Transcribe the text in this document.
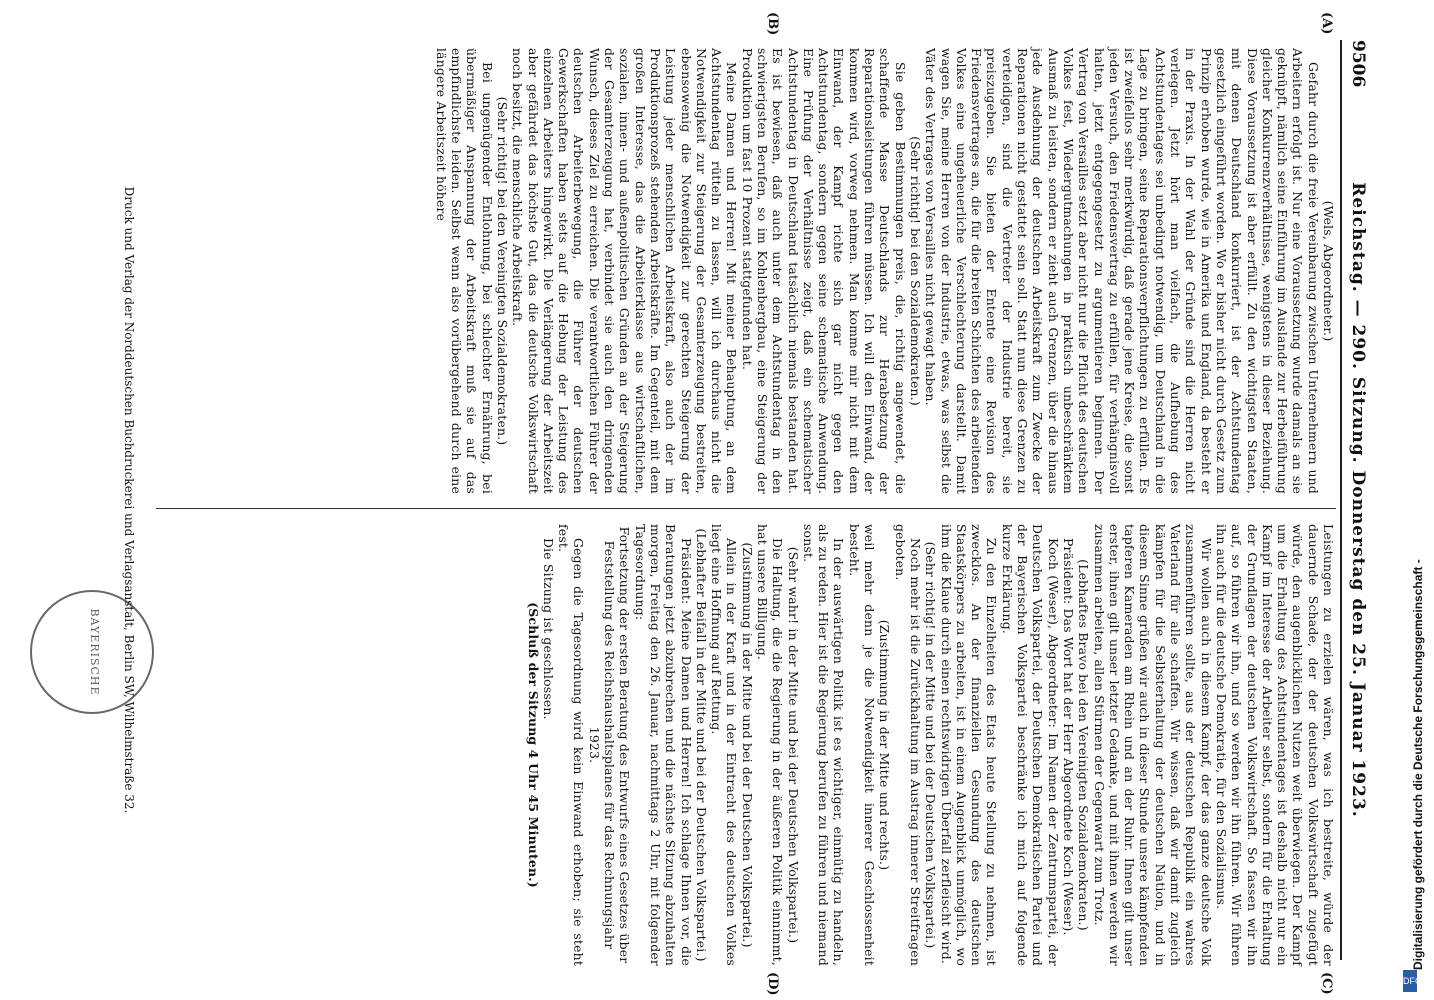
9506
Reichstag. — 290. Sitzung. Donnerstag den 25. Januar 1923.
(A)
(B)
(C)
(D)

(Wels, Abgeordneter.)

Gefahr durch die freie Vereinbarung zwischen Unternehmern und Arbeitern erfolgt ist. Nur eine Voraussetzung wurde damals an sie geknüpft, nämlich seine Einführung im Auslande zur Herbeiführung gleicher Konkurrenzverhältnisse, wenigstens in dieser Beziehung. Diese Voraussetzung ist aber erfüllt. Zu den wichtigsten Staaten, mit denen Deutschland konkurriert, ist der Achtstundentag gesetzlich eingeführt worden. Wo er bisher nicht durch Gesetz zum Prinzip erhoben wurde, wie in Amerika und England, da besteht er in der Praxis. In der Wahl der Gründe sind die Herren nicht verlegen. Jetzt hört man vielfach, die Aufhebung des Achtstundentages sei unbedingt notwendig, um Deutschland in die Lage zu bringen, seine Reparationsverpflichtungen zu erfüllen. Es ist zweifellos sehr merkwürdig, daß gerade jene Kreise, die sonst jeden Versuch, den Friedensvertrag zu erfüllen, für verhängnisvoll halten, jetzt entgegengesetzt zu argumentieren beginnen. Der Vertrag von Versailles setzt aber nicht nur die Pflicht des deutschen Volkes fest, Wiedergutmachungen in praktisch unbeschränktem Ausmaß zu leisten, sondern er zieht auch Grenzen, über die hinaus jede Ausdehnung der deutschen Arbeitskraft zum Zwecke der Reparationen nicht gestattet sein soll. Statt nun diese Grenzen zu verteidigen, sind die Vertreter der Industrie bereit, sie preiszugeben. Sie bieten der Entente eine Revision des Friedensvertrages an, die für die breiten Schichten des arbeitenden Volkes eine ungeheuerliche Verschlechterung darstellt. Damit wagen Sie, meine Herren von der Industrie, etwas, was selbst die Väter des Vertrages von Versailles nicht gewagt haben.

(Sehr richtig! bei den Sozialdemokraten.)

Sie geben Bestimmungen preis, die, richtig angewendet, die schaffende Masse Deutschlands zur Herabsetzung der Reparationsleistungen führen müssen. Ich will den Einwand, der kommen wird, vorweg nehmen. Man komme mir nicht mit dem Einwand, der Kampf richte sich gar nicht gegen den Achtstundentag, sondern gegen seine schematische Anwendung. Eine Prüfung der Verhältnisse zeigt, daß ein schematischer Achtstundentag in Deutschland tatsächlich niemals bestanden hat. Es ist bewiesen, daß auch unter dem Achtstundentag in den schwierigsten Berufen, so im Kohlenbergbau, eine Steigerung der Produktion um fast 10 Prozent stattgefunden hat.

Meine Damen und Herren! Mit meiner Behauptung, an dem Achtstundentag rütteln zu lassen, will ich durchaus nicht die Notwendigkeit zur Steigerung der Gesamterzeugung bestreiten, ebensowenig die Notwendigkeit zur gerechten Steigerung der Leistung jeder menschlichen Arbeitskraft, also auch der im Produktionsprozeß stehenden Arbeitskräfte. Im Gegenteil, mit dem großen Interesse, das die Arbeiterklasse aus wirtschaftlichen, sozialen, innen- und außenpolitischen Gründen an der Steigerung der Gesamterzeugung hat, verbindet sie auch den dringenden Wunsch, dieses Ziel zu erreichen. Die verantwortlichen Führer der deutschen Arbeiterbewegung, die Führer der deutschen Gewerkschaften haben stets auf die Hebung der Leistung des einzelnen Arbeiters hingewirkt. Die Verlängerung der Arbeitszeit aber gefährdet das höchste Gut, das die deutsche Volkswirtschaft noch besitzt, die menschliche Arbeitskraft.

(Sehr richtig! bei den Vereinigten Sozialdemokraten.)

Bei ungenügender Entlohnung, bei schlechter Ernährung, bei übermäßiger Anspannung der Arbeitskraft muß sie auf das empfindlichste leiden. Selbst wenn also vorübergehend durch eine längere Arbeitszeit höhere

Leistungen zu erzielen wären, was ich bestreite, würde der dauernde Schade, der der deutschen Volkswirtschaft zugefügt würde, den augenblicklichen Nutzen weit überwiegen. Der Kampf um die Erhaltung des Achtstundentages ist deshalb nicht nur ein Kampf im Interesse der Arbeiter selbst, sondern für die Erhaltung der Grundlagen der deutschen Volkswirtschaft. So fassen wir ihn auf, so führen wir ihn, und so werden wir ihn führen. Wir führen ihn auch für die deutsche Demokratie, für den Sozialismus.

Wir wollen auch in diesem Kampf, der das ganze deutsche Volk zusammenführen sollte, aus der deutschen Republik ein wahres Vaterland für alle schaffen. Wir wissen, daß wir damit zugleich kämpfen für die Selbsterhaltung der deutschen Nation, und in diesem Sinne grüßen wir auch in dieser Stunde unsere kämpfenden tapferen Kameraden am Rhein und an der Ruhr. Ihnen gilt unser erster, ihnen gilt unser letzter Gedanke, und mit ihnen werden wir zusammen arbeiten, allen Stürmen der Gegenwart zum Trotz.

(Lebhaftes Bravo bei den Vereinigten Sozialdemokraten.)

Präsident: Das Wort hat der Herr Abgeordnete Koch (Weser).

Koch (Weser), Abgeordneter: Im Namen der Zentrumspartei, der Deutschen Volkspartei, der Deutschen Demokratischen Partei und der Bayerischen Volkspartei beschränke ich mich auf folgende kurze Erklärung.

Zu den Einzelheiten des Etats heute Stellung zu nehmen, ist zwecklos. An der finanziellen Gesundung des deutschen Staatskörpers zu arbeiten, ist in einem Augenblick unmöglich, wo ihm die Klaue durch einen rechtswidrigen Überfall zerfleischt wird.

(Sehr richtig! in der Mitte und bei der Deutschen Volkspartei.)

Noch mehr ist die Zurückhaltung im Austrag innerer Streitfragen geboten.

(Zustimmung in der Mitte und rechts.)

weil mehr denn je die Notwendigkeit innerer Geschlossenheit besteht.

In der auswärtigen Politik ist es wichtiger, einmütig zu handeln, als zu reden. Hier ist die Regierung berufen zu führen und niemand sonst.

(Sehr wahr! in der Mitte und bei der Deutschen Volkspartei.)

Die Haltung, die die Regierung in der äußeren Politik einnimmt, hat unsere Billigung.

(Zustimmung in der Mitte und bei der Deutschen Volkspartei.)

Allein in der Kraft und in der Eintracht des deutschen Volkes liegt eine Hoffnung auf Rettung.

(Lebhafter Beifall in der Mitte und bei der Deutschen Volkspartei.)

Präsident: Meine Damen und Herren! Ich schlage Ihnen vor, die Beratungen jetzt abzubrechen und die nächste Sitzung abzuhalten morgen, Freitag den 26. Januar, nachmittags 2 Uhr, mit folgender Tagesordnung:

Fortsetzung der ersten Beratung des Entwurfs eines Gesetzes über Feststellung des Reichshaushaltsplanes für das Rechnungsjahr 1923.

Gegen die Tagesordnung wird kein Einwand erhoben; sie steht fest.

Die Sitzung ist geschlossen.

(Schluß der Sitzung 4 Uhr 45 Minuten.)

BAYERISCHE	Druck und Verlag der Norddeutschen Buchdruckerei und Verlagsanstalt, Berlin SW, Wilhelmstraße 32.	Digitalisierung gefördert durch die Deutsche Forschungsgemeinschaft -
DFG
